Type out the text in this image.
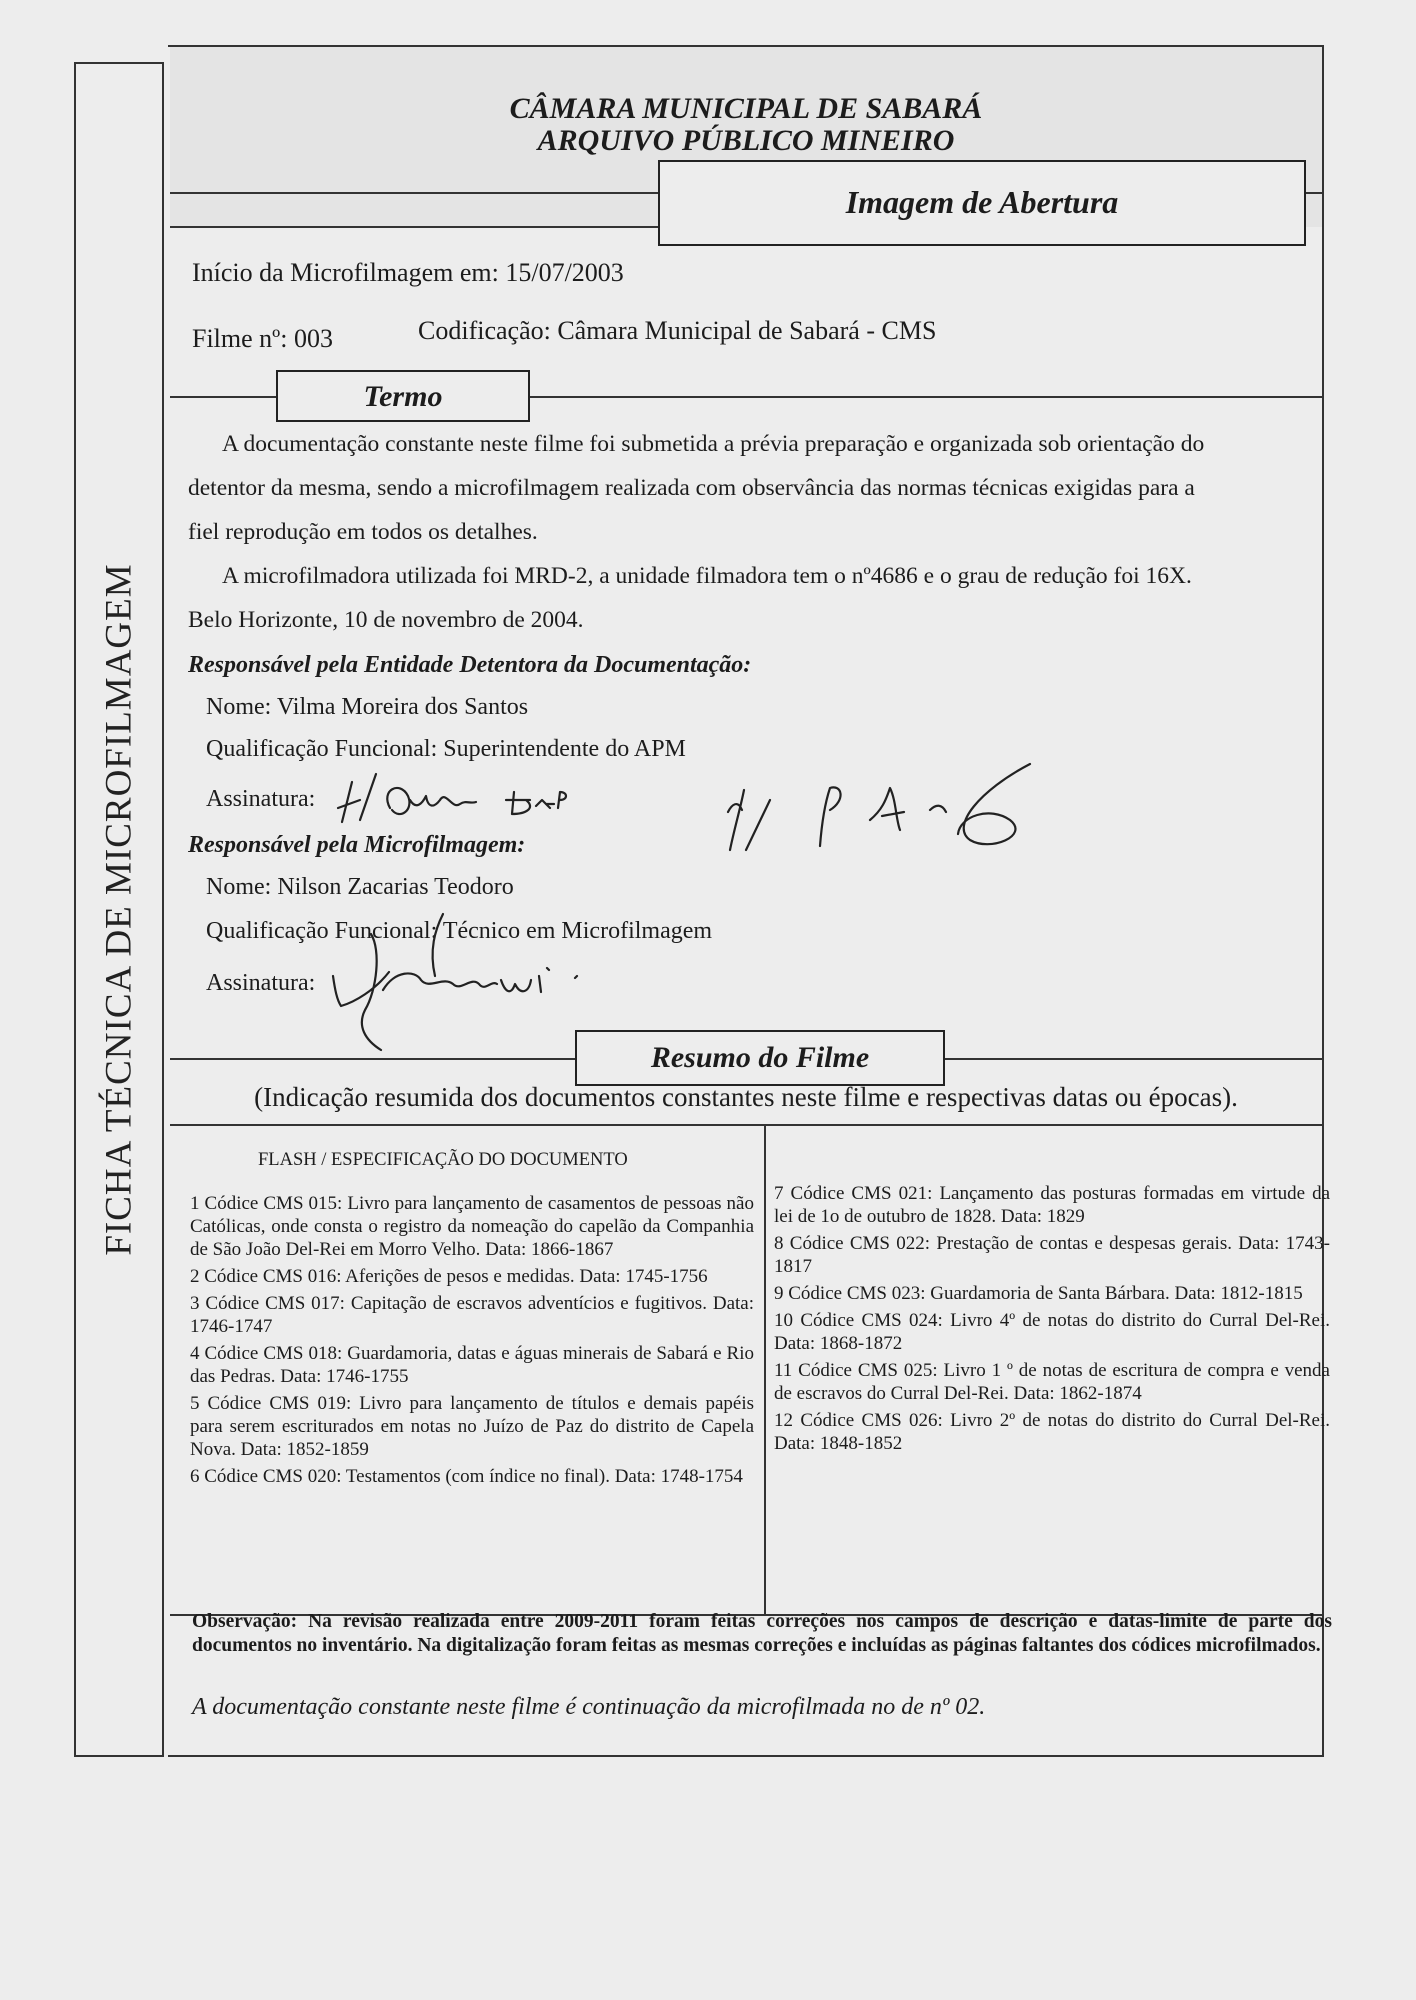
FICHA TÉCNICA DE MICROFILMAGEM
CÂMARA MUNICIPAL DE SABARÁ
ARQUIVO PÚBLICO MINEIRO
Imagem de Abertura
Início da Microfilmagem em: 15/07/2003
Filme nº: 003	Codificação: Câmara Municipal de Sabará - CMS
Termo
A documentação constante neste filme foi submetida a prévia preparação e organizada sob orientação do
detentor da mesma, sendo a microfilmagem realizada com observância das normas técnicas exigidas para a
fiel reprodução em todos os detalhes.
A microfilmadora utilizada foi MRD-2, a unidade filmadora tem o nº4686 e o grau de redução foi 16X.
Belo Horizonte, 10 de novembro de 2004.
Responsável pela Entidade Detentora da Documentação:
Nome: Vilma Moreira dos Santos
Qualificação Funcional: Superintendente do APM
Assinatura:
Responsável pela Microfilmagem:
Nome: Nilson Zacarias Teodoro
Qualificação Funcional: Técnico em Microfilmagem
Assinatura:
Resumo do Filme
(Indicação resumida dos documentos constantes neste filme e respectivas datas ou épocas).
FLASH / ESPECIFICAÇÃO DO DOCUMENTO

1 Códice CMS 015: Livro para lançamento de casamentos de pessoas não Católicas, onde consta o registro da nomeação do capelão da Companhia de São João Del-Rei em Morro Velho. Data: 1866-1867

2 Códice CMS 016: Aferições de pesos e medidas. Data: 1745-1756

3 Códice CMS 017: Capitação de escravos adventícios e fugitivos. Data: 1746-1747

4 Códice CMS 018: Guardamoria, datas e águas minerais de Sabará e Rio das Pedras. Data: 1746-1755

5 Códice CMS 019: Livro para lançamento de títulos e demais papéis para serem escriturados em notas no Juízo de Paz do distrito de Capela Nova. Data: 1852-1859

6 Códice CMS 020: Testamentos (com índice no final). Data: 1748-1754

7 Códice CMS 021: Lançamento das posturas formadas em virtude da lei de 1o de outubro de 1828. Data: 1829

8 Códice CMS 022: Prestação de contas e despesas gerais. Data: 1743-1817

9 Códice CMS 023: Guardamoria de Santa Bárbara. Data: 1812-1815

10 Códice CMS 024: Livro 4º de notas do distrito do Curral Del-Rei. Data: 1868-1872

11 Códice CMS 025: Livro 1 º de notas de escritura de compra e venda de escravos do Curral Del-Rei. Data: 1862-1874

12 Códice CMS 026: Livro 2º de notas do distrito do Curral Del-Rei. Data: 1848-1852

Observação: Na revisão realizada entre 2009-2011 foram feitas correções nos campos de descrição e datas-limite de parte dos documentos no inventário. Na digitalização foram feitas as mesmas correções e incluídas as páginas faltantes dos códices microfilmados.
A documentação constante neste filme é continuação da microfilmada no de nº 02.
